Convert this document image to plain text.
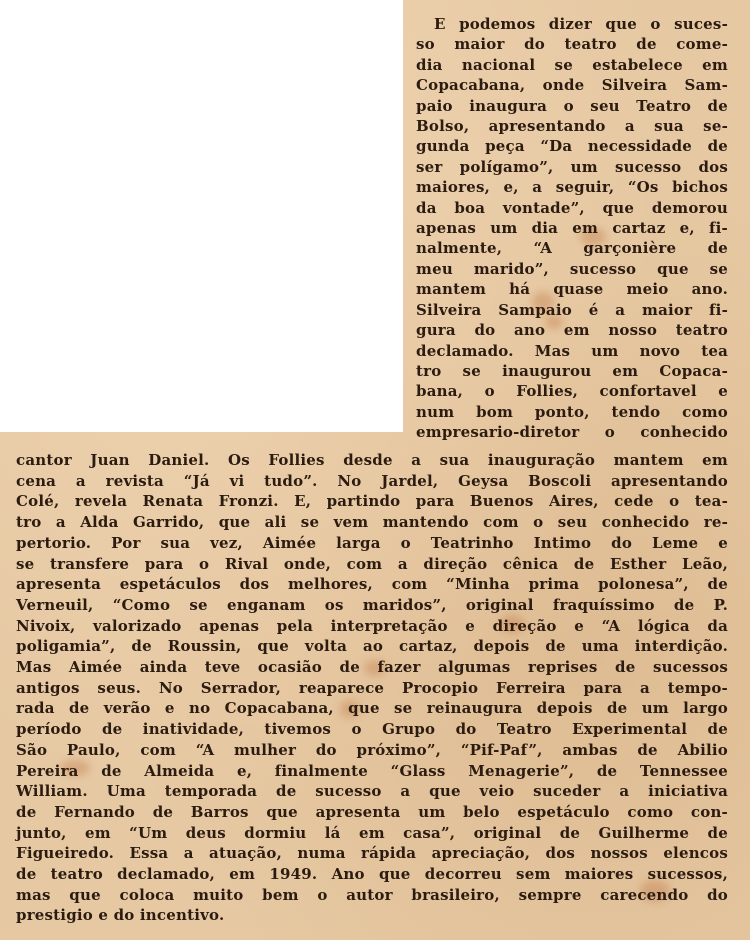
E podemos dizer que o suces-
so maior do teatro de come-
dia nacional se estabelece em
Copacabana, onde Silveira Sam-
paio inaugura o seu Teatro de
Bolso, apresentando a sua se-
gunda peça “Da necessidade de
ser polígamo”, um sucesso dos
maiores, e, a seguir, “Os bichos
da boa vontade”, que demorou
apenas um dia em cartaz e, fi-
nalmente, “A garçonière de
meu marido”, sucesso que se
mantem há quase meio ano.
Silveira Sampaio é a maior fi-
gura do ano em nosso teatro
declamado. Mas um novo tea
tro se inaugurou em Copaca-
bana, o Follies, confortavel e
num bom ponto, tendo como
empresario-diretor o conhecido
cantor Juan Daniel. Os Follies desde a sua inauguração mantem em
cena a revista “Já vi tudo”. No Jardel, Geysa Boscoli apresentando
Colé, revela Renata Fronzi. E, partindo para Buenos Aires, cede o tea-
tro a Alda Garrido, que ali se vem mantendo com o seu conhecido re-
pertorio. Por sua vez, Aimée larga o Teatrinho Intimo do Leme e
se transfere para o Rival onde, com a direção cênica de Esther Leão,
apresenta espetáculos dos melhores, com “Minha prima polonesa”, de
Verneuil, “Como se enganam os maridos”, original fraquíssimo de P.
Nivoix, valorizado apenas pela interpretação e direção e “A lógica da
poligamia”, de Roussin, que volta ao cartaz, depois de uma interdição.
Mas Aimée ainda teve ocasião de fazer algumas reprises de sucessos
antigos seus. No Serrador, reaparece Procopio Ferreira para a tempo-
rada de verão e no Copacabana, que se reinaugura depois de um largo
período de inatividade, tivemos o Grupo do Teatro Experimental de
São Paulo, com “A mulher do próximo”, “Pif-Paf”, ambas de Abilio
Pereira de Almeida e, finalmente “Glass Menagerie”, de Tennessee
William. Uma temporada de sucesso a que veio suceder a iniciativa
de Fernando de Barros que apresenta um belo espetáculo como con-
junto, em “Um deus dormiu lá em casa”, original de Guilherme de
Figueiredo. Essa a atuação, numa rápida apreciação, dos nossos elencos
de teatro declamado, em 1949. Ano que decorreu sem maiores sucessos,
mas que coloca muito bem o autor brasileiro, sempre carecendo do
prestigio e do incentivo.
